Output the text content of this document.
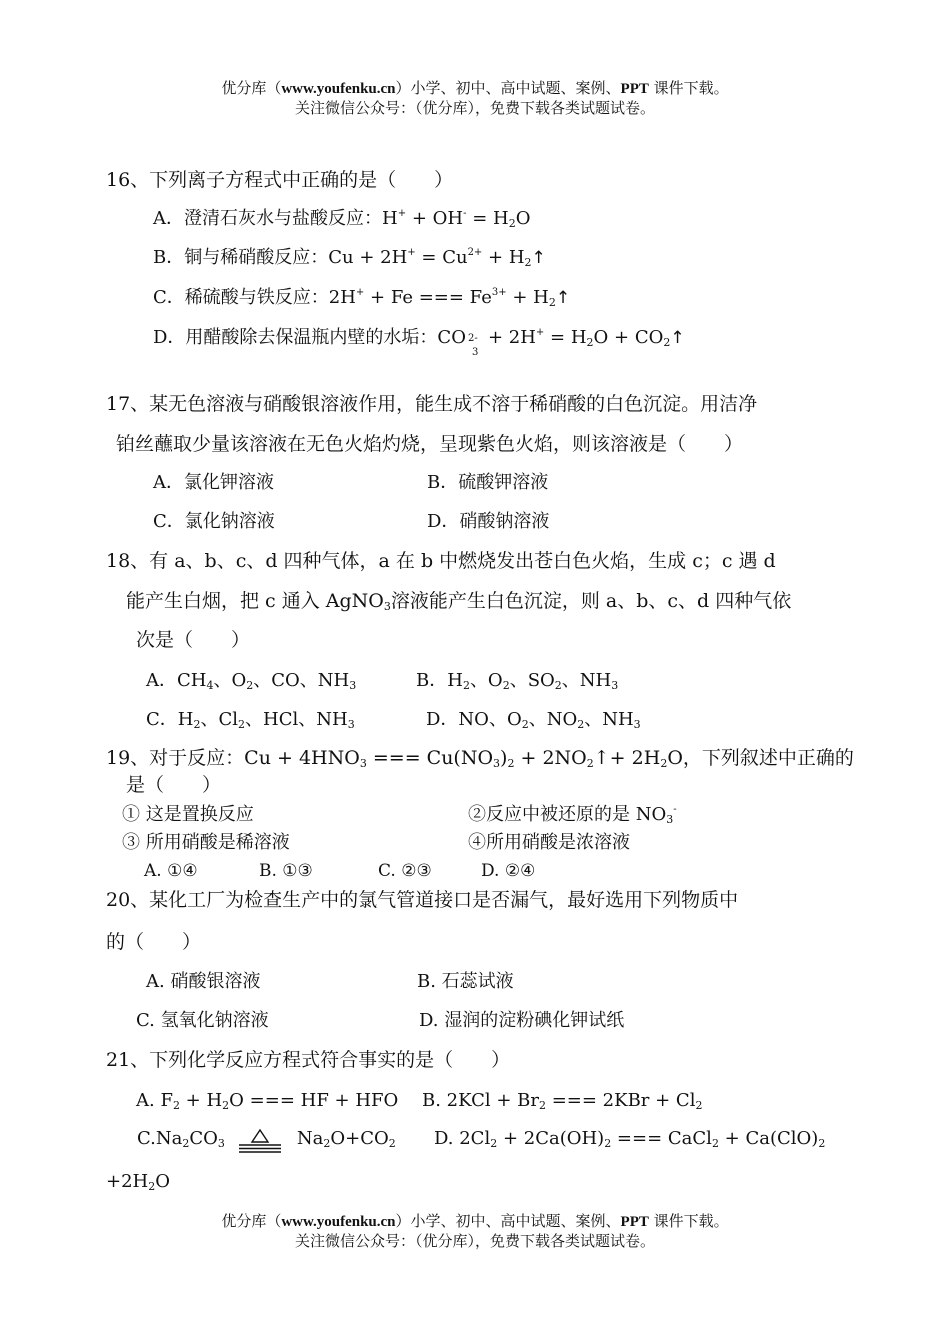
优分库（www.youfenku.cn）小学、初中、高中试题、案例、PPT 课件下载。
关注微信公众号：（优分库），免费下载各类试题试卷。
16、下列离子方程式中正确的是（　　）
A．澄清石灰水与盐酸反应：$H^+ + OH^- = H_2O$
B．铜与稀硝酸反应：$Cu + 2H^+ = Cu^{2+}$ + $H_2↑$
C．稀硫酸与铁反应：2H+ + Fe === $Fe^{3+}$ + $H_2↑$
D．用醋酸除去保温瓶内壁的水垢：CO 2-
3
+ $2H^+ = H_2O$ + $CO_2↑$
17、某无色溶液与硝酸银溶液作用，能生成不溶于稀硝酸的白色沉淀。用洁净
铂丝蘸取少量该溶液在无色火焰灼烧，呈现紫色火焰，则该溶液是（　　）
A．氯化钾溶液	B．硫酸钾溶液
C．氯化钠溶液	D．硝酸钠溶液
18、有 a、b、c、d 四种气体，a 在 b 中燃烧发出苍白色火焰，生成 c；c 遇 d
能产生白烟，把 c 通入 AgNO$_3$溶液能产生白色沉淀，则 a、b、c、d 四种气依
次是（　　）
A．$CH_4$、$O_2$、CO、$NH_3$	B．$H_2$、$O_2$、$SO_2$、$NH_3$
C．$H_2$、$Cl_2$、HCl、$NH_3$	D．NO、$O_2$、$NO_2$、$NH_3$
19、对于反应：$Cu + 4HNO_3$ === $Cu(NO_3)_2$ + $2NO_2↑+ 2H_2O$，下列叙述中正确的
是（　　）
① 这是置换反应	②反应中被还原的是 $NO_3^-$
③ 所用硝酸是稀溶液	④所用硝酸是浓溶液
A. ①④	B. ①③	C. ②③	D. ②④
20、某化工厂为检查生产中的氯气管道接口是否漏气，最好选用下列物质中
的（　　）
A. 硝酸银溶液	B. 石蕊试液
C. 氢氧化钠溶液	D. 湿润的淀粉碘化钾试纸
21、下列化学反应方程式符合事实的是（　　）
A. $F_2 + H_2O$ === HF + HFO B. $2KCl + Br_2$ === $2KBr + Cl_2$
$C.Na_2CO_3$	$Na_2O+CO_2$ D. $2Cl_2 + 2Ca(OH)_2$ === CaCl$_2$ + $Ca(ClO)_2$
$+2H_2O$
优分库（www.youfenku.cn）小学、初中、高中试题、案例、PPT 课件下载。
关注微信公众号：（优分库），免费下载各类试题试卷。
